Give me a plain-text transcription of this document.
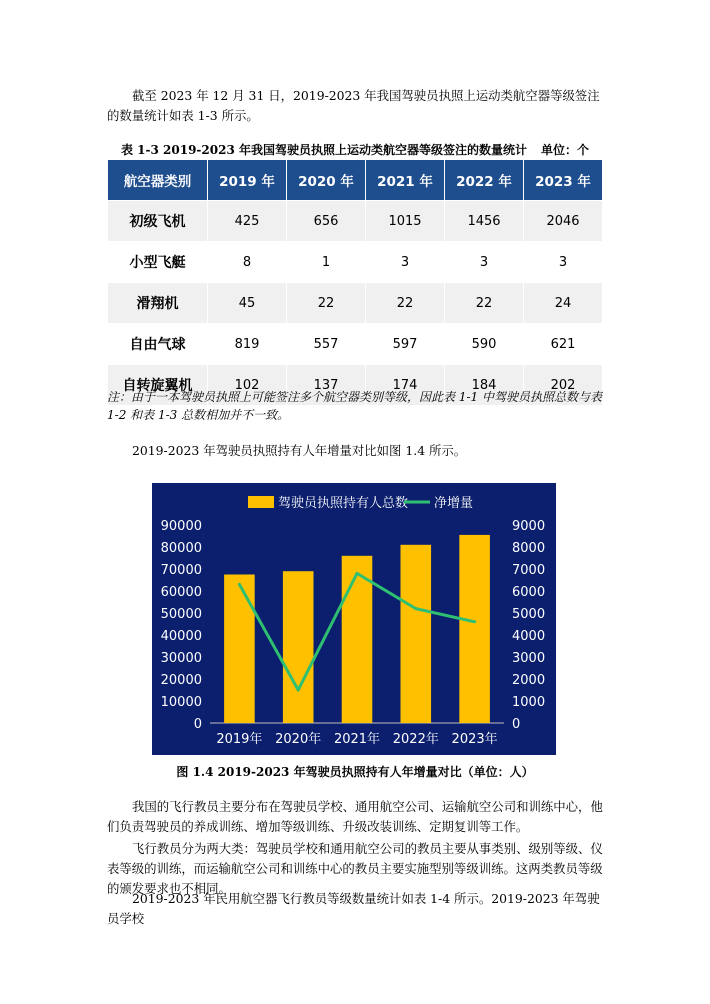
截至 2023 年 12 月 31 日，2019-2023 年我国驾驶员执照上运动类航空器等级签注的数量统计如表 1-3 所示。

表 1-3 2019-2023 年我国驾驶员执照上运动类航空器等级签注的数量统计 单位：个
航空器类别	2019 年	2020 年	2021 年	2022 年	2023 年
初级飞机	425	656	1015	1456	2046
小型飞艇	8	1	3	3	3
滑翔机	45	22	22	22	24
自由气球	819	557	597	590	621
自转旋翼机	102	137	174	184	202

注：由于一本驾驶员执照上可能签注多个航空器类别等级，因此表 1-1 中驾驶员执照总数与表 1-2 和表 1-3 总数相加并不一致。

2019-2023 年驾驶员执照持有人年增量对比如图 1.4 所示。

驾驶员执照持有人总数 净增量
0
10000
20000
30000
40000
50000
60000
70000
80000
90000
0
1000
2000
3000
4000
5000
6000
7000
8000
9000
2019年 2020年 2021年 2022年 2023年
图 1.4 2019-2023 年驾驶员执照持有人年增量对比（单位：人）

我国的飞行教员主要分布在驾驶员学校、通用航空公司、运输航空公司和训练中心，他们负责驾驶员的养成训练、增加等级训练、升级改装训练、定期复训等工作。

飞行教员分为两大类：驾驶员学校和通用航空公司的教员主要从事类别、级别等级、仪表等级的训练，而运输航空公司和训练中心的教员主要实施型别等级训练。这两类教员等级的颁发要求也不相同。

2019-2023 年民用航空器飞行教员等级数量统计如表 1-4 所示。2019-2023 年驾驶员学校
